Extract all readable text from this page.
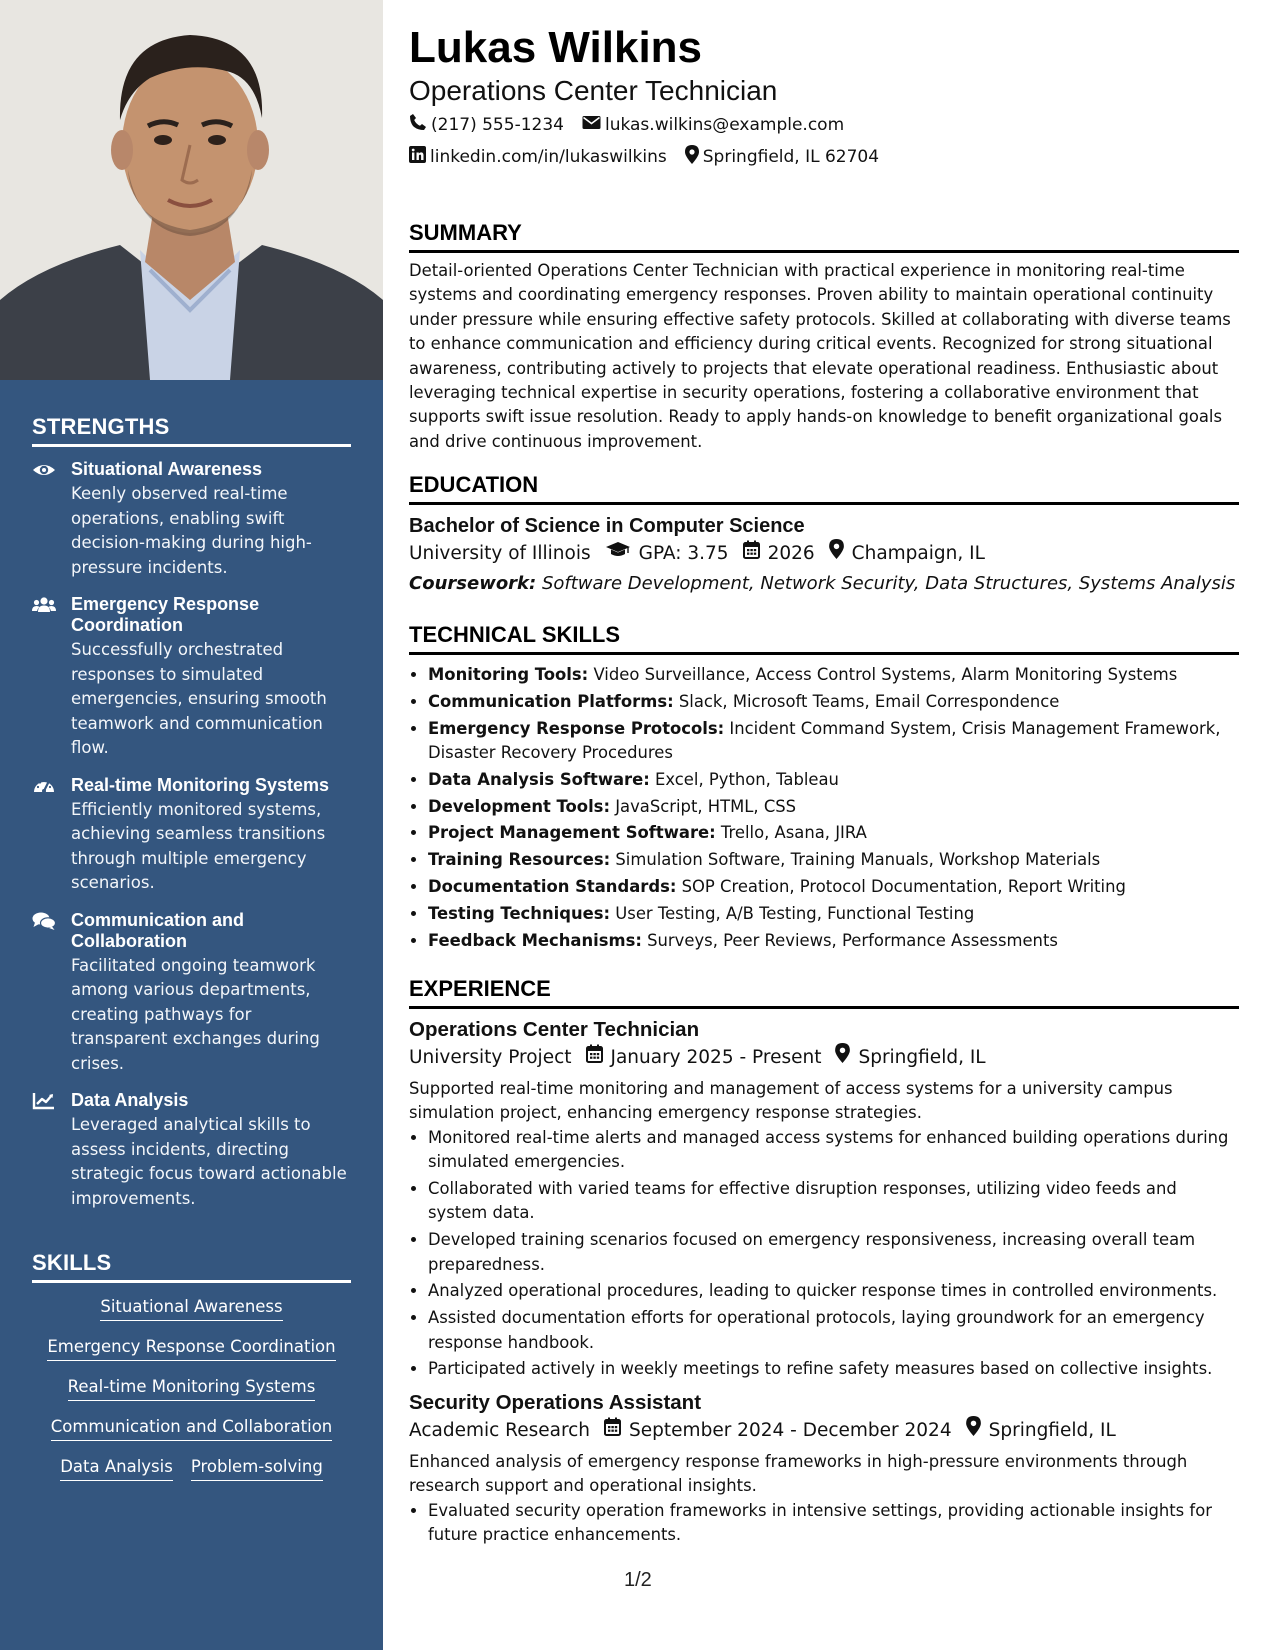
STRENGTHS
Situational Awareness
Keenly observed real-time operations, enabling swift decision-making during high-pressure incidents.
Emergency Response Coordination
Successfully orchestrated responses to simulated emergencies, ensuring smooth teamwork and communication flow.
Real-time Monitoring Systems
Efficiently monitored systems, achieving seamless transitions through multiple emergency scenarios.
Communication and Collaboration
Facilitated ongoing teamwork among various departments, creating pathways for transparent exchanges during crises.
Data Analysis
Leveraged analytical skills to assess incidents, directing strategic focus toward actionable improvements.
SKILLS
Situational Awareness
Emergency Response Coordination
Real-time Monitoring Systems
Communication and Collaboration
Data Analysis Problem-solving
Lukas Wilkins
Operations Center Technician
(217) 555-1234 lukas.wilkins@example.com
linkedin.com/in/lukaswilkins Springfield, IL 62704
SUMMARY
Detail-oriented Operations Center Technician with practical experience in monitoring real-time systems and coordinating emergency responses. Proven ability to maintain operational continuity under pressure while ensuring effective safety protocols. Skilled at collaborating with diverse teams to enhance communication and efficiency during critical events. Recognized for strong situational awareness, contributing actively to projects that elevate operational readiness. Enthusiastic about leveraging technical expertise in security operations, fostering a collaborative environment that supports swift issue resolution. Ready to apply hands-on knowledge to benefit organizational goals and drive continuous improvement.
EDUCATION
Bachelor of Science in Computer Science
University of Illinois	GPA: 3.75 2026 Champaign, IL
Coursework: Software Development, Network Security, Data Structures, Systems Analysis
TECHNICAL SKILLS
• Monitoring Tools: Video Surveillance, Access Control Systems, Alarm Monitoring Systems
• Communication Platforms: Slack, Microsoft Teams, Email Correspondence
• Emergency Response Protocols: Incident Command System, Crisis Management Framework, Disaster Recovery Procedures
• Data Analysis Software: Excel, Python, Tableau
• Development Tools: JavaScript, HTML, CSS
• Project Management Software: Trello, Asana, JIRA
• Training Resources: Simulation Software, Training Manuals, Workshop Materials
• Documentation Standards: SOP Creation, Protocol Documentation, Report Writing
• Testing Techniques: User Testing, A/B Testing, Functional Testing
• Feedback Mechanisms: Surveys, Peer Reviews, Performance Assessments
EXPERIENCE
Operations Center Technician
University Project January 2025 - Present Springfield, IL
Supported real-time monitoring and management of access systems for a university campus simulation project, enhancing emergency response strategies.
• Monitored real-time alerts and managed access systems for enhanced building operations during simulated emergencies.
• Collaborated with varied teams for effective disruption responses, utilizing video feeds and system data.
• Developed training scenarios focused on emergency responsiveness, increasing overall team preparedness.
• Analyzed operational procedures, leading to quicker response times in controlled environments.
• Assisted documentation efforts for operational protocols, laying groundwork for an emergency response handbook.
• Participated actively in weekly meetings to refine safety measures based on collective insights.
Security Operations Assistant
Academic Research September 2024 - December 2024 Springfield, IL
Enhanced analysis of emergency response frameworks in high-pressure environments through research support and operational insights.
• Evaluated security operation frameworks in intensive settings, providing actionable insights for future practice enhancements.
1/2
